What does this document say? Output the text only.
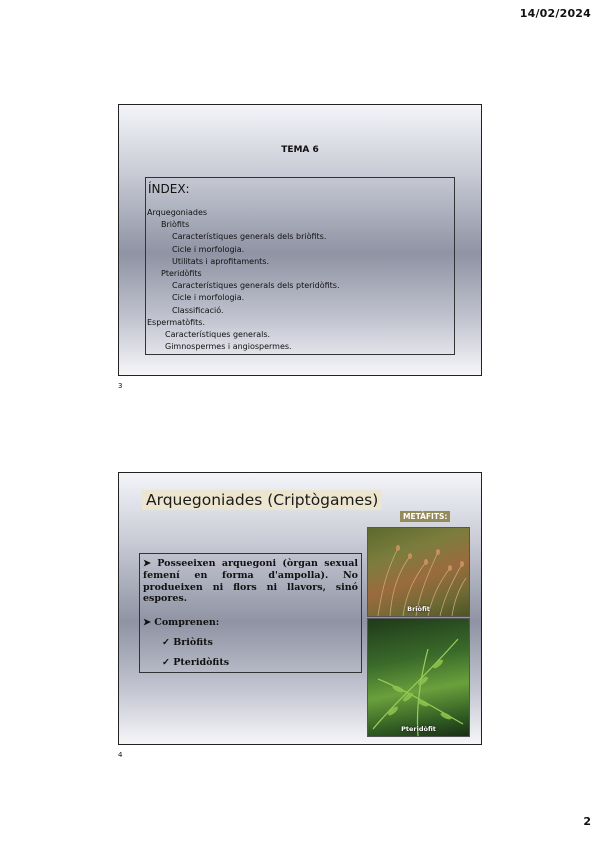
14/02/2024
TEMA 6
ÍNDEX:
Arquegoniades
Briòfits
Característiques generals dels briòfits.
Cicle i morfologia.
Utilitats i aprofitaments.
Pteridòfits
Característiques generals dels pteridòfits.
Cicle i morfologia.
Classificació.
Espermatòfits.
Característiques generals.
Gimnospermes i angiospermes.
3
Arquegoniades (Criptògames)
METÀFITS:
Briòfit
Pteridòfit
➤ Posseeixen arquegoni (òrgan sexual femení en forma d'ampolla). No produeixen ni flors ni llavors, sinó espores.
➤ Comprenen:
✓ Briòfits
✓ Pteridòfits
4
2
